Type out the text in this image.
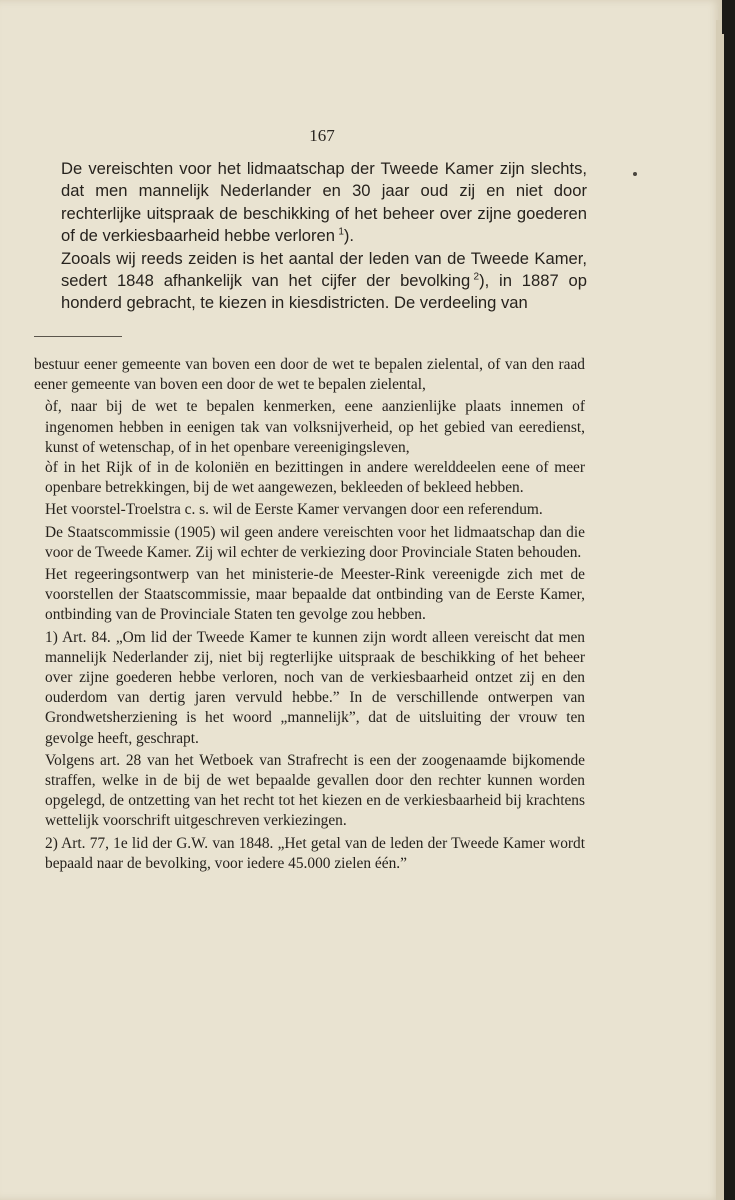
167

De vereischten voor het lidmaatschap der Tweede Kamer zijn slechts, dat men mannelijk Nederlander en 30 jaar oud zij en niet door rechterlijke uitspraak de beschikking of het beheer over zijne goederen of de verkiesbaarheid hebbe verloren  $^1$).

Zooals wij reeds zeiden is het aantal der leden van de Tweede Kamer, sedert 1848 afhankelijk van het cijfer der bevolking  $^2$), in 1887 op honderd gebracht, te kiezen in kiesdistricten. De verdeeling van

bestuur eener gemeente van boven een door de wet te bepalen zielental, of van den raad eener gemeente van boven een door de wet te bepalen zielental,

òf, naar bij de wet te bepalen kenmerken, eene aanzienlijke plaats innemen of ingenomen hebben in eenigen tak van volksnijverheid, op het gebied van eeredienst, kunst of wetenschap, of in het openbare vereenigingsleven,

òf in het Rijk of in de koloniën en bezittingen in andere werelddeelen eene of meer openbare betrekkingen, bij de wet aangewezen, bekleeden of bekleed hebben.

Het voorstel-Troelstra c. s. wil de Eerste Kamer vervangen door een referendum.

De Staatscommissie (1905) wil geen andere vereischten voor het lidmaatschap dan die voor de Tweede Kamer. Zij wil echter de verkiezing door Provinciale Staten behouden.

Het regeeringsontwerp van het ministerie-de Meester-Rink vereenigde zich met de voorstellen der Staatscommissie, maar bepaalde dat ontbinding van de Eerste Kamer, ontbinding van de Provinciale Staten ten gevolge zou hebben.

1) Art. 84. „Om lid der Tweede Kamer te kunnen zijn wordt alleen vereischt dat men mannelijk Nederlander zij, niet bij regterlijke uitspraak de beschikking of het beheer over zijne goederen hebbe verloren, noch van de verkiesbaarheid ontzet zij en den ouderdom van dertig jaren vervuld hebbe.” In de verschillende ontwerpen van Grondwetsherziening is het woord „mannelijk”, dat de uitsluiting der vrouw ten gevolge heeft, geschrapt.

Volgens art. 28 van het Wetboek van Strafrecht is een der zoogenaamde bijkomende straffen, welke in de bij de wet bepaalde gevallen door den rechter kunnen worden opgelegd, de ontzetting van het recht tot het kiezen en de verkiesbaarheid bij krachtens wettelijk voorschrift uitgeschreven verkiezingen.

2) Art. 77, 1e lid der G.W. van 1848. „Het getal van de leden der Tweede Kamer wordt bepaald naar de bevolking, voor iedere 45.000 zielen één.”
